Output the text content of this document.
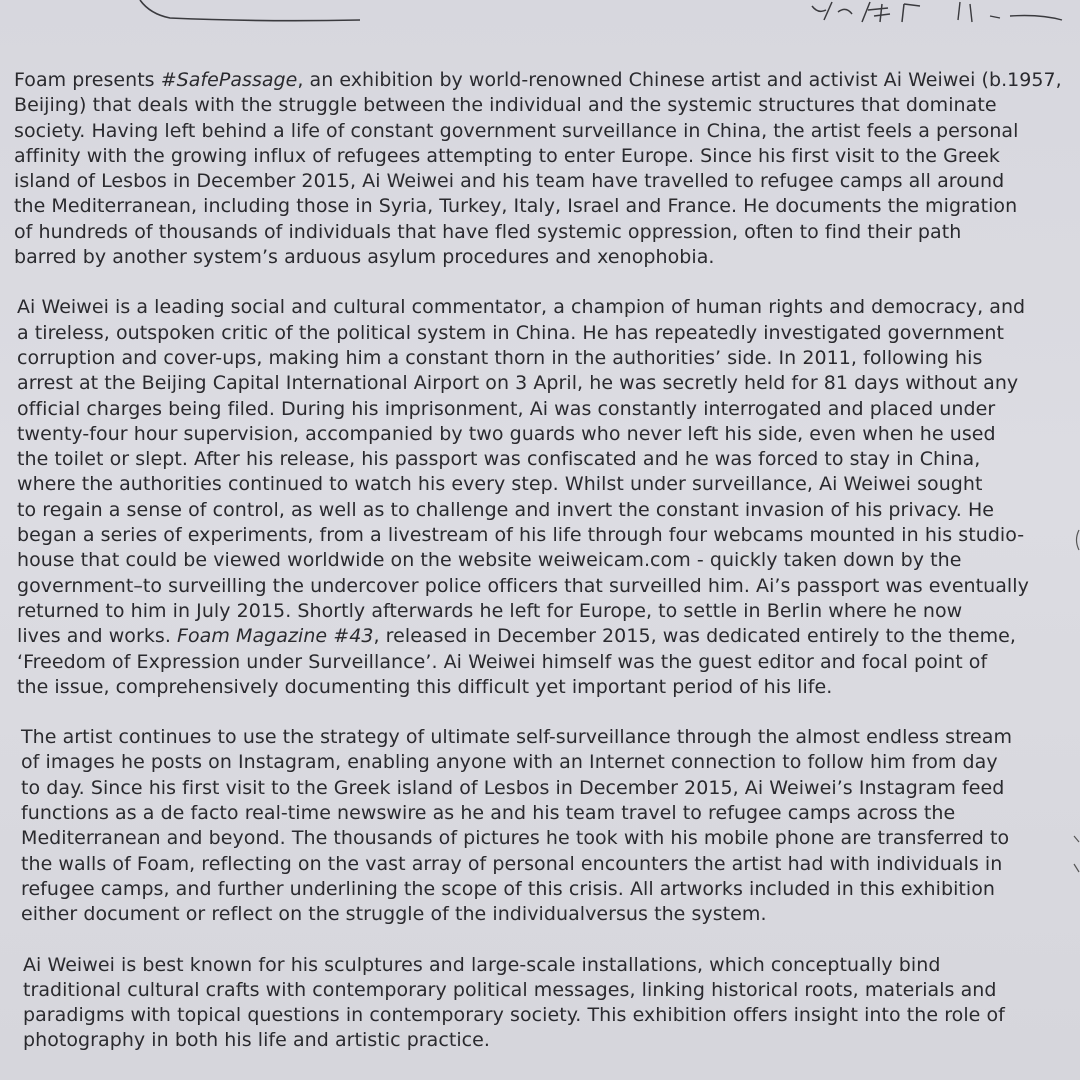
Foam presents #SafePassage, an exhibition by world-renowned Chinese artist and activist Ai Weiwei (b.1957,
Beijing) that deals with the struggle between the individual and the systemic structures that dominate
society. Having left behind a life of constant government surveillance in China, the artist feels a personal
affinity with the growing influx of refugees attempting to enter Europe. Since his first visit to the Greek
island of Lesbos in December 2015, Ai Weiwei and his team have travelled to refugee camps all around
the Mediterranean, including those in Syria, Turkey, Italy, Israel and France. He documents the migration
of hundreds of thousands of individuals that have fled systemic oppression, often to find their path
barred by another system’s arduous asylum procedures and xenophobia.
Ai Weiwei is a leading social and cultural commentator, a champion of human rights and democracy, and
a tireless, outspoken critic of the political system in China. He has repeatedly investigated government
corruption and cover-ups, making him a constant thorn in the authorities’ side. In 2011, following his
arrest at the Beijing Capital International Airport on 3 April, he was secretly held for 81 days without any
official charges being filed. During his imprisonment, Ai was constantly interrogated and placed under
twenty-four hour supervision, accompanied by two guards who never left his side, even when he used
the toilet or slept. After his release, his passport was confiscated and he was forced to stay in China,
where the authorities continued to watch his every step. Whilst under surveillance, Ai Weiwei sought
to regain a sense of control, as well as to challenge and invert the constant invasion of his privacy. He
began a series of experiments, from a livestream of his life through four webcams mounted in his studio-
house that could be viewed worldwide on the website weiweicam.com - quickly taken down by the
government–to surveilling the undercover police officers that surveilled him. Ai’s passport was eventually
returned to him in July 2015. Shortly afterwards he left for Europe, to settle in Berlin where he now
lives and works. Foam Magazine #43, released in December 2015, was dedicated entirely to the theme,
‘Freedom of Expression under Surveillance’. Ai Weiwei himself was the guest editor and focal point of
the issue, comprehensively documenting this difficult yet important period of his life.
The artist continues to use the strategy of ultimate self-surveillance through the almost endless stream
of images he posts on Instagram, enabling anyone with an Internet connection to follow him from day
to day. Since his first visit to the Greek island of Lesbos in December 2015, Ai Weiwei’s Instagram feed
functions as a de facto real-time newswire as he and his team travel to refugee camps across the
Mediterranean and beyond. The thousands of pictures he took with his mobile phone are transferred to
the walls of Foam, reflecting on the vast array of personal encounters the artist had with individuals in
refugee camps, and further underlining the scope of this crisis. All artworks included in this exhibition
either document or reflect on the struggle of the individualversus the system.
Ai Weiwei is best known for his sculptures and large-scale installations, which conceptually bind
traditional cultural crafts with contemporary political messages, linking historical roots, materials and
paradigms with topical questions in contemporary society. This exhibition offers insight into the role of
photography in both his life and artistic practice.
